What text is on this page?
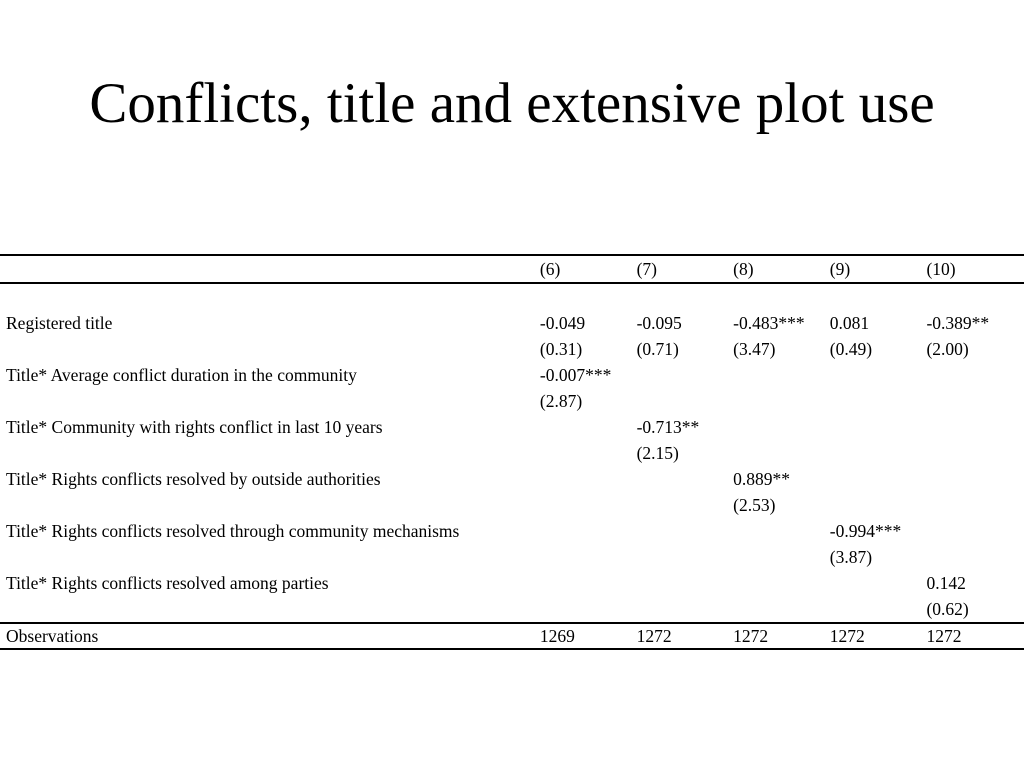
Conflicts, title and extensive plot use
	(6)	(7)	(8)	(9)	(10)

Registered title	-0.049	-0.095	-0.483***	0.081	-0.389**
	(0.31)	(0.71)	(3.47)	(0.49)	(2.00)
Title* Average conflict duration in the community	-0.007***				
	(2.87)				
Title* Community with rights conflict in last 10 years		-0.713**			
		(2.15)			
Title* Rights conflicts resolved by outside authorities			0.889**		
			(2.53)		
Title* Rights conflicts resolved through community mechanisms				-0.994***	
				(3.87)	
Title* Rights conflicts resolved among parties					0.142
					(0.62)
Observations	1269	1272	1272	1272	1272
